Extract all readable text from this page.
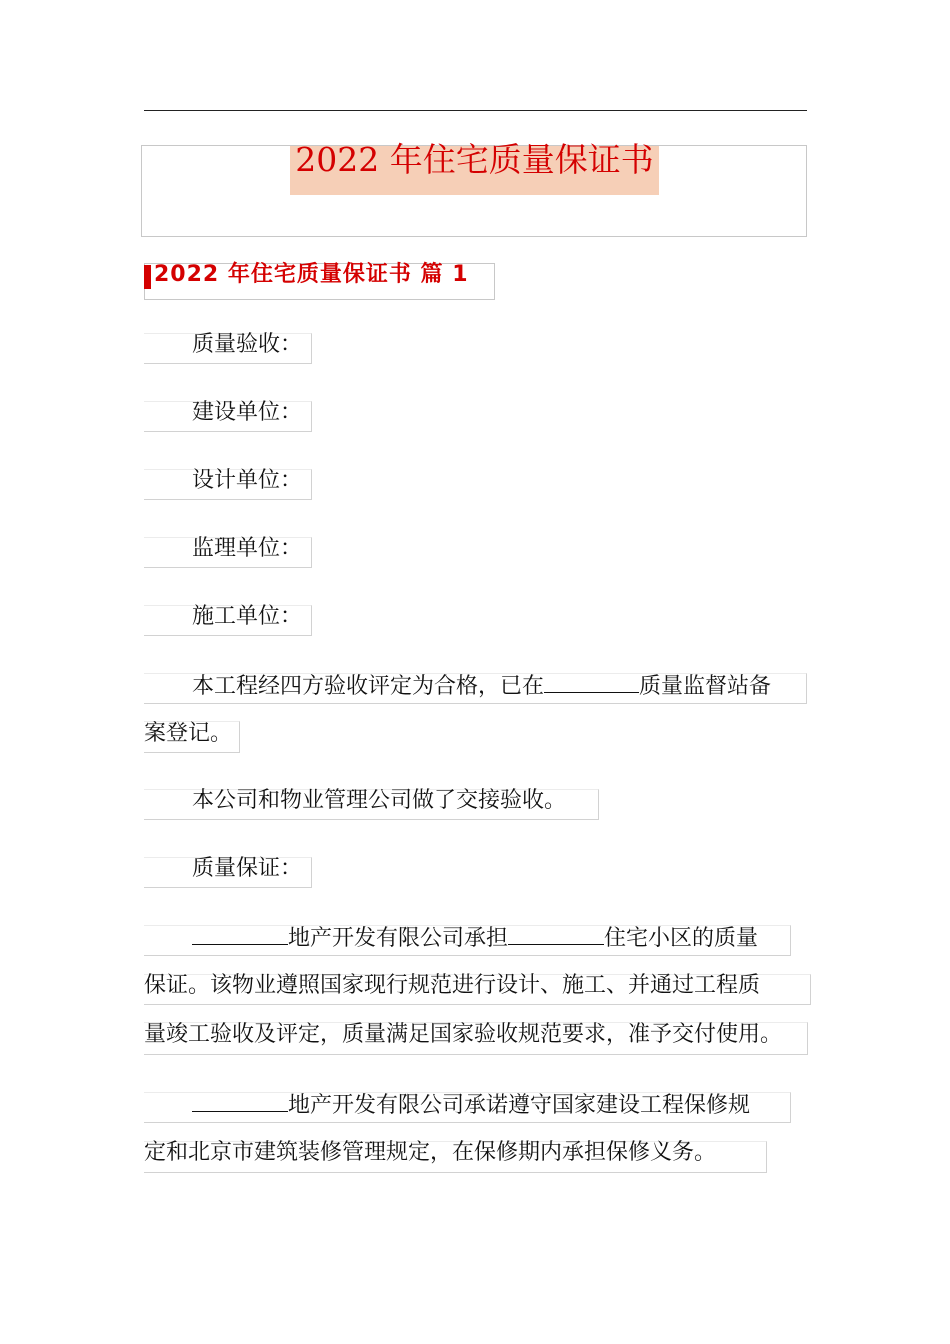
2022 年住宅质量保证书
2022 年住宅质量保证书 篇 1
质量验收：
建设单位：
设计单位：
监理单位：
施工单位：
本工程经四方验收评定为合格，已在	质量监督站备
案登记。
本公司和物业管理公司做了交接验收。
质量保证：
地产开发有限公司承担	住宅小区的质量
保证。该物业遵照国家现行规范进行设计、施工、并通过工程质
量竣工验收及评定，质量满足国家验收规范要求，准予交付使用。
地产开发有限公司承诺遵守国家建设工程保修规
定和北京市建筑装修管理规定，在保修期内承担保修义务。
